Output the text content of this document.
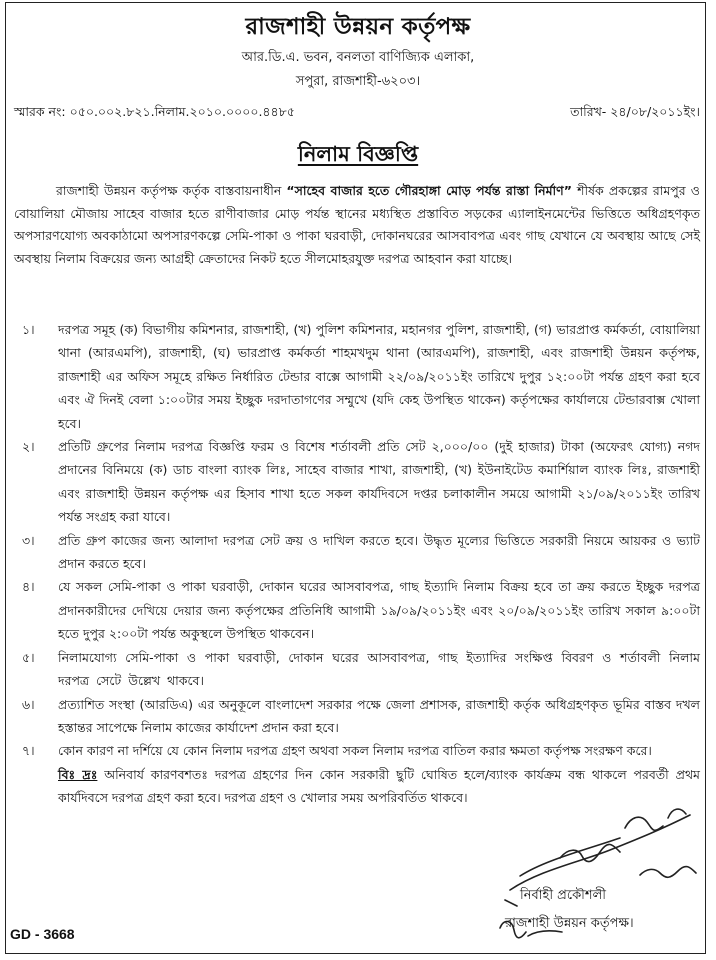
রাজশাহী উন্নয়ন কর্তৃপক্ষ
আর.ডি.এ. ভবন, বনলতা বাণিজ্যিক এলাকা,
সপুরা, রাজশাহী-৬২০৩।
স্মারক নং: ০৫০.০০২.৮২১.নিলাম.২০১০.০০০০.৪৪৮৫	তারিখ- ২৪/০৮/২০১১ইং।
নিলাম বিজ্ঞপ্তি
রাজশাহী উন্নয়ন কর্তৃপক্ষ কর্তৃক বাস্তবায়নাধীন “সাহেব বাজার হতে গৌরহাঙ্গা মোড় পর্যন্ত রাস্তা নির্মাণ” শীর্ষক প্রকল্পের রামপুর ও বোয়ালিয়া মৌজায় সাহেব বাজার হতে রাণীবাজার মোড় পর্যন্ত স্থানের মধ্যস্থিত প্রস্তাবিত সড়কের এ্যালাইনমেন্টের ভিত্তিতে অধিগ্রহণকৃত অপসারণযোগ্য অবকাঠামো অপসারণকল্পে সেমি-পাকা ও পাকা ঘরবাড়ী, দোকানঘরের আসবাবপত্র এবং গাছ যেখানে যে অবস্থায় আছে সেই অবস্থায় নিলাম বিক্রয়ের জন্য আগ্রহী ক্রেতাদের নিকট হতে সীলমোহরযুক্ত দরপত্র আহবান করা যাচ্ছে।
১।	দরপত্র সমূহ (ক) বিভাগীয় কমিশনার, রাজশাহী, (খ) পুলিশ কমিশনার, মহানগর পুলিশ, রাজশাহী, (গ) ভারপ্রাপ্ত কর্মকর্তা, বোয়ালিয়া থানা (আরএমপি), রাজশাহী, (ঘ) ভারপ্রাপ্ত কর্মকর্তা শাহমখদুম থানা (আরএমপি), রাজশাহী, এবং রাজশাহী উন্নয়ন কর্তৃপক্ষ, রাজশাহী এর অফিস সমূহে রক্ষিত নির্ধারিত টেন্ডার বাক্সে আগামী ২২/০৯/২০১১ইং তারিখে দুপুর ১২:০০টা পর্যন্ত গ্রহণ করা হবে এবং ঐ দিনই বেলা ১:০০টার সময় ইচ্ছুক দরদাতাগণের সম্মুখে (যদি কেহ উপস্থিত থাকেন) কর্তৃপক্ষের কার্যালয়ে টেন্ডারবাক্স খোলা হবে।
২।	প্রতিটি গ্রুপের নিলাম দরপত্র বিজ্ঞপ্তি ফরম ও বিশেষ শর্তাবলী প্রতি সেট ২,০০০/০০ (দুই হাজার) টাকা (অফেরৎ যোগ্য) নগদ প্রদানের বিনিময়ে (ক) ডাচ বাংলা ব্যাংক লিঃ, সাহেব বাজার শাখা, রাজশাহী, (খ) ইউনাইটেড কমার্শিয়াল ব্যাংক লিঃ, রাজশাহী এবং রাজশাহী উন্নয়ন কর্তৃপক্ষ এর হিসাব শাখা হতে সকল কার্যদিবসে দপ্তর চলাকালীন সময়ে আগামী ২১/০৯/২০১১ইং তারিখ পর্যন্ত সংগ্রহ করা যাবে।
৩।	প্রতি গ্রুপ কাজের জন্য আলাদা দরপত্র সেট ক্রয় ও দাখিল করতে হবে। উদ্ধৃত মূল্যের ভিত্তিতে সরকারী নিয়মে আয়কর ও ভ্যাট প্রদান করতে হবে।
৪।	যে সকল সেমি-পাকা ও পাকা ঘরবাড়ী, দোকান ঘরের আসবাবপত্র, গাছ ইত্যাদি নিলাম বিক্রয় হবে তা ক্রয় করতে ইচ্ছুক দরপত্র প্রদানকারীদের দেখিয়ে দেয়ার জন্য কর্তৃপক্ষের প্রতিনিধি আগামী ১৯/০৯/২০১১ইং এবং ২০/০৯/২০১১ইং তারিখ সকাল ৯:০০টা হতে দুপুর ২:০০টা পর্যন্ত অকুস্থলে উপস্থিত থাকবেন।
৫।	নিলামযোগ্য সেমি-পাকা ও পাকা ঘরবাড়ী, দোকান ঘরের আসবাবপত্র, গাছ ইত্যাদির সংক্ষিপ্ত বিবরণ ও শর্তাবলী নিলাম দরপত্র সেটে উল্লেখ থাকবে।
৬।	প্রত্যাশিত সংস্থা (আরডিএ) এর অনুকূলে বাংলাদেশ সরকার পক্ষে জেলা প্রশাসক, রাজশাহী কর্তৃক অধিগ্রহণকৃত ভূমির বাস্তব দখল হস্তান্তর সাপেক্ষে নিলাম কাজের কার্যাদেশ প্রদান করা হবে।
৭।	কোন কারণ না দর্শিয়ে যে কোন নিলাম দরপত্র গ্রহণ অথবা সকল নিলাম দরপত্র বাতিল করার ক্ষমতা কর্তৃপক্ষ সংরক্ষণ করে।
বিঃ দ্রঃ অনিবার্য কারণবশতঃ দরপত্র গ্রহণের দিন কোন সরকারী ছুটি ঘোষিত হলে/ব্যাংক কার্যক্রম বন্ধ থাকলে পরবর্তী প্রথম কার্যদিবসে দরপত্র গ্রহণ করা হবে। দরপত্র গ্রহণ ও খোলার সময় অপরিবর্তিত থাকবে।
নির্বাহী প্রকৌশলী
রাজশাহী উন্নয়ন কর্তৃপক্ষ।
GD - 3668
